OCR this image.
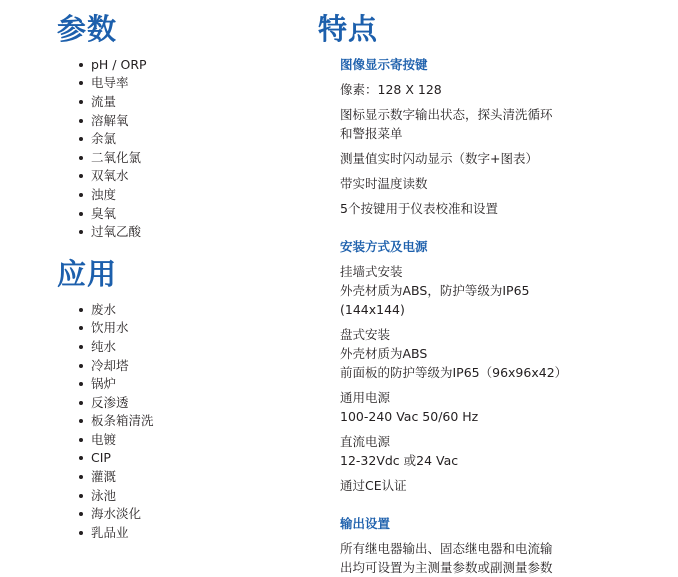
参数
pH / ORP
电导率
流量
溶解氧
余氯
二氧化氯
双氧水
浊度
臭氧
过氧乙酸
应用
废水
饮用水
纯水
冷却塔
锅炉
反渗透
板条箱清洗
电镀
CIP
灌溉
泳池
海水淡化
乳品业
特点

图像显示寄按键

像素：128 X 128

图标显示数字输出状态，探头清洗循环

和警报菜单

测量值实时闪动显示（数字+图表）

带实时温度读数

5个按键用于仪表校准和设置

安装方式及电源

挂墙式安装

外壳材质为ABS，防护等级为IP65

(144x144)

盘式安装

外壳材质为ABS

前面板的防护等级为IP65（96x96x42）

通用电源

100-240 Vac 50/60 Hz

直流电源

12-32Vdc 或24 Vac

通过CE认证

输出设置

所有继电器输出、固态继电器和电流输

出均可设置为主测量参数或副测量参数
